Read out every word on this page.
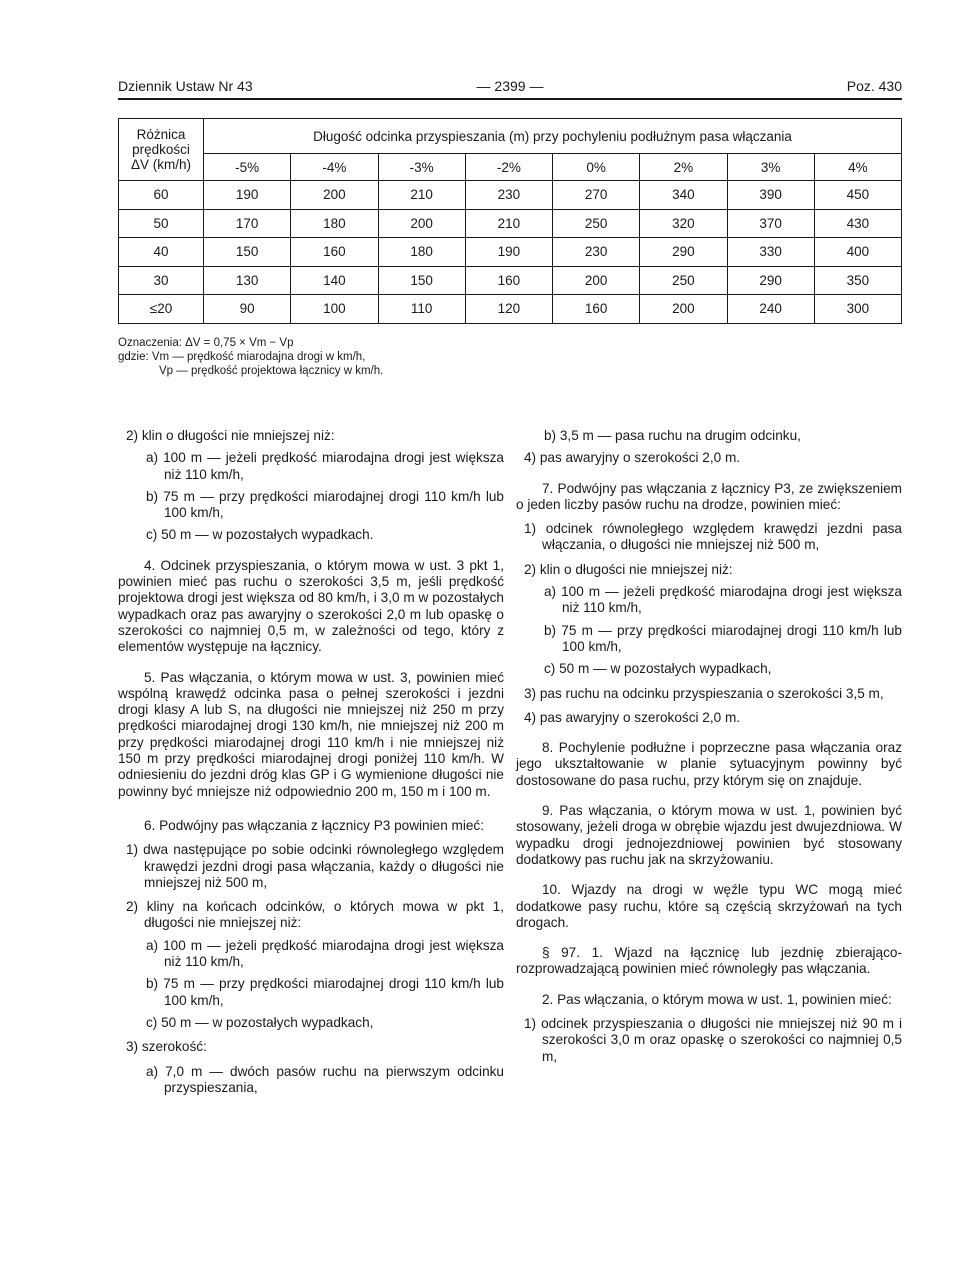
Dziennik Ustaw Nr 43	— 2399 —	Poz. 430
Różnica
prędkości
ΔV (km/h)	Długość odcinka przyspieszania (m) przy pochyleniu podłużnym pasa włączania							
	-5%	-4%	-3%	-2%	0%	2%	3%	4%
60	190	200	210	230	270	340	390	450
50	170	180	200	210	250	320	370	430
40	150	160	180	190	230	290	330	400
30	130	140	150	160	200	250	290	350
≤20	90	100	110	120	160	200	240	300
Oznaczenia: ΔV = 0,75 × Vm − Vp
gdzie: Vm — prędkość miarodajna drogi w km/h,
Vp — prędkość projektowa łącznicy w km/h.

2) klin o długości nie mniejszej niż:

a) 100 m — jeżeli prędkość miarodajna drogi jest większa niż 110 km/h,

b) 75 m — przy prędkości miarodajnej drogi 110 km/h lub 100 km/h,

c) 50 m — w pozostałych wypadkach.

4. Odcinek przyspieszania, o którym mowa w ust. 3 pkt 1, powinien mieć pas ruchu o szerokości 3,5 m, jeśli prędkość projektowa drogi jest większa od 80 km/h, i 3,0 m w pozostałych wypadkach oraz pas awaryjny o szerokości 2,0 m lub opaskę o szerokości co najmniej 0,5 m, w zależności od tego, który z elementów występuje na łącznicy.

5. Pas włączania, o którym mowa w ust. 3, powinien mieć wspólną krawędź odcinka pasa o pełnej szerokości i jezdni drogi klasy A lub S, na długości nie mniejszej niż 250 m przy prędkości miarodajnej drogi 130 km/h, nie mniejszej niż 200 m przy prędkości miarodajnej drogi 110 km/h i nie mniejszej niż 150 m przy prędkości miarodajnej drogi poniżej 110 km/h. W odniesieniu do jezdni dróg klas GP i G wymienione długości nie powinny być mniejsze niż odpowiednio 200 m, 150 m i 100 m.

6. Podwójny pas włączania z łącznicy P3 powinien mieć:

1) dwa następujące po sobie odcinki równoległego względem krawędzi jezdni drogi pasa włączania, każdy o długości nie mniejszej niż 500 m,

2) kliny na końcach odcinków, o których mowa w pkt 1, długości nie mniejszej niż:

a) 100 m — jeżeli prędkość miarodajna drogi jest większa niż 110 km/h,

b) 75 m — przy prędkości miarodajnej drogi 110 km/h lub 100 km/h,

c) 50 m — w pozostałych wypadkach,

3) szerokość:

a) 7,0 m — dwóch pasów ruchu na pierwszym odcinku przyspieszania,

b) 3,5 m — pasa ruchu na drugim odcinku,

4) pas awaryjny o szerokości 2,0 m.

7. Podwójny pas włączania z łącznicy P3, ze zwiększeniem o jeden liczby pasów ruchu na drodze, powinien mieć:

1) odcinek równoległego względem krawędzi jezdni pasa włączania, o długości nie mniejszej niż 500 m,

2) klin o długości nie mniejszej niż:

a) 100 m — jeżeli prędkość miarodajna drogi jest większa niż 110 km/h,

b) 75 m — przy prędkości miarodajnej drogi 110 km/h lub 100 km/h,

c) 50 m — w pozostałych wypadkach,

3) pas ruchu na odcinku przyspieszania o szerokości 3,5 m,

4) pas awaryjny o szerokości 2,0 m.

8. Pochylenie podłużne i poprzeczne pasa włączania oraz jego ukształtowanie w planie sytuacyjnym powinny być dostosowane do pasa ruchu, przy którym się on znajduje.

9. Pas włączania, o którym mowa w ust. 1, powinien być stosowany, jeżeli droga w obrębie wjazdu jest dwujezdniowa. W wypadku drogi jednojezdniowej powinien być stosowany dodatkowy pas ruchu jak na skrzyżowaniu.

10. Wjazdy na drogi w węźle typu WC mogą mieć dodatkowe pasy ruchu, które są częścią skrzyżowań na tych drogach.

§ 97. 1. Wjazd na łącznicę lub jezdnię zbierająco-rozprowadzającą powinien mieć równoległy pas włączania.

2. Pas włączania, o którym mowa w ust. 1, powinien mieć:

1) odcinek przyspieszania o długości nie mniejszej niż 90 m i szerokości 3,0 m oraz opaskę o szerokości co najmniej 0,5 m,
